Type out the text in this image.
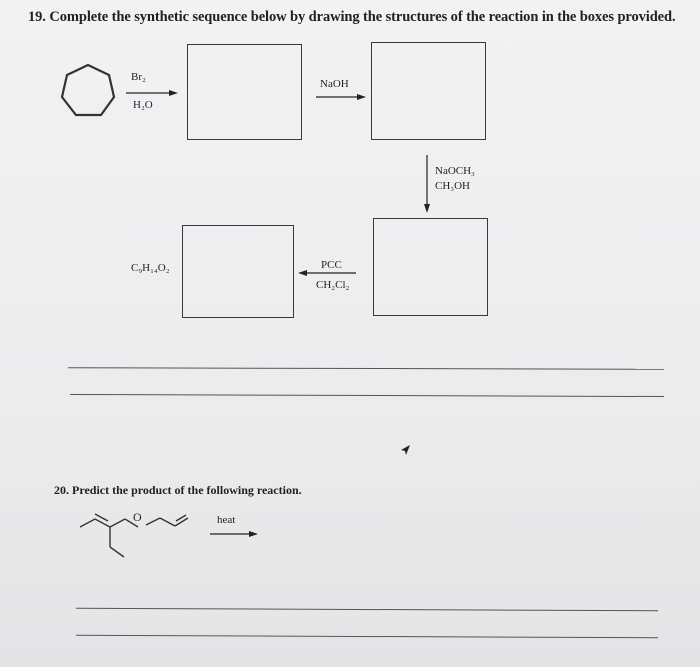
19. Complete the synthetic sequence below by drawing the structures of the reaction in the boxes provided.
Br₂
H₂O
NaOH
NaOCH₃
CH₃OH
PCC
CH₂Cl₂
C₉H₁₄O₂
20. Predict the product of the following reaction.
O	heat
